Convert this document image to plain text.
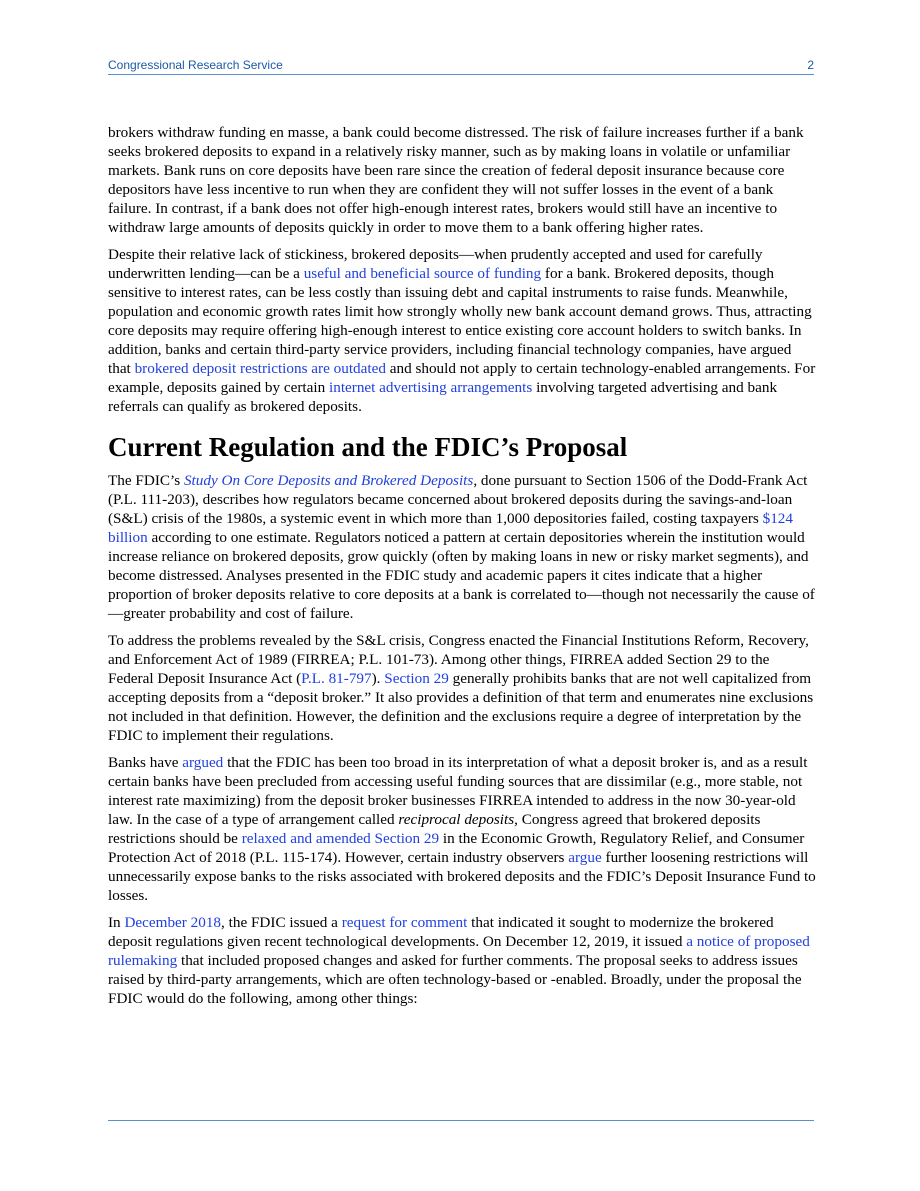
Congressional Research Service	2

brokers withdraw funding en masse, a bank could become distressed. The risk of failure increases further if a bank seeks brokered deposits to expand in a relatively risky manner, such as by making loans in volatile or unfamiliar markets. Bank runs on core deposits have been rare since the creation of federal deposit insurance because core depositors have less incentive to run when they are confident they will not suffer losses in the event of a bank failure. In contrast, if a bank does not offer high-enough interest rates, brokers would still have an incentive to withdraw large amounts of deposits quickly in order to move them to a bank offering higher rates.

Despite their relative lack of stickiness, brokered deposits—when prudently accepted and used for carefully underwritten lending—can be a useful and beneficial source of funding for a bank. Brokered deposits, though sensitive to interest rates, can be less costly than issuing debt and capital instruments to raise funds. Meanwhile, population and economic growth rates limit how strongly wholly new bank account demand grows. Thus, attracting core deposits may require offering high-enough interest to entice existing core account holders to switch banks. In addition, banks and certain third-party service providers, including financial technology companies, have argued that brokered deposit restrictions are outdated and should not apply to certain technology-enabled arrangements. For example, deposits gained by certain internet advertising arrangements involving targeted advertising and bank referrals can qualify as brokered deposits.

Current Regulation and the FDIC’s Proposal

The FDIC’s Study On Core Deposits and Brokered Deposits, done pursuant to Section 1506 of the Dodd-Frank Act (P.L. 111-203), describes how regulators became concerned about brokered deposits during the savings-and-loan (S&L) crisis of the 1980s, a systemic event in which more than 1,000 depositories failed, costing taxpayers $124 billion according to one estimate. Regulators noticed a pattern at certain depositories wherein the institution would increase reliance on brokered deposits, grow quickly (often by making loans in new or risky market segments), and become distressed. Analyses presented in the FDIC study and academic papers it cites indicate that a higher proportion of broker deposits relative to core deposits at a bank is correlated to—though not necessarily the cause of—greater probability and cost of failure.

To address the problems revealed by the S&L crisis, Congress enacted the Financial Institutions Reform, Recovery, and Enforcement Act of 1989 (FIRREA; P.L. 101-73). Among other things, FIRREA added Section 29 to the Federal Deposit Insurance Act (P.L. 81-797). Section 29 generally prohibits banks that are not well capitalized from accepting deposits from a “deposit broker.” It also provides a definition of that term and enumerates nine exclusions not included in that definition. However, the definition and the exclusions require a degree of interpretation by the FDIC to implement their regulations.

Banks have argued that the FDIC has been too broad in its interpretation of what a deposit broker is, and as a result certain banks have been precluded from accessing useful funding sources that are dissimilar (e.g., more stable, not interest rate maximizing) from the deposit broker businesses FIRREA intended to address in the now 30-year-old law. In the case of a type of arrangement called reciprocal deposits, Congress agreed that brokered deposits restrictions should be relaxed and amended Section 29 in the Economic Growth, Regulatory Relief, and Consumer Protection Act of 2018 (P.L. 115-174). However, certain industry observers argue further loosening restrictions will unnecessarily expose banks to the risks associated with brokered deposits and the FDIC’s Deposit Insurance Fund to losses.

In December 2018, the FDIC issued a request for comment that indicated it sought to modernize the brokered deposit regulations given recent technological developments. On December 12, 2019, it issued a notice of proposed rulemaking that included proposed changes and asked for further comments. The proposal seeks to address issues raised by third-party arrangements, which are often technology-based or -enabled. Broadly, under the proposal the FDIC would do the following, among other things:
